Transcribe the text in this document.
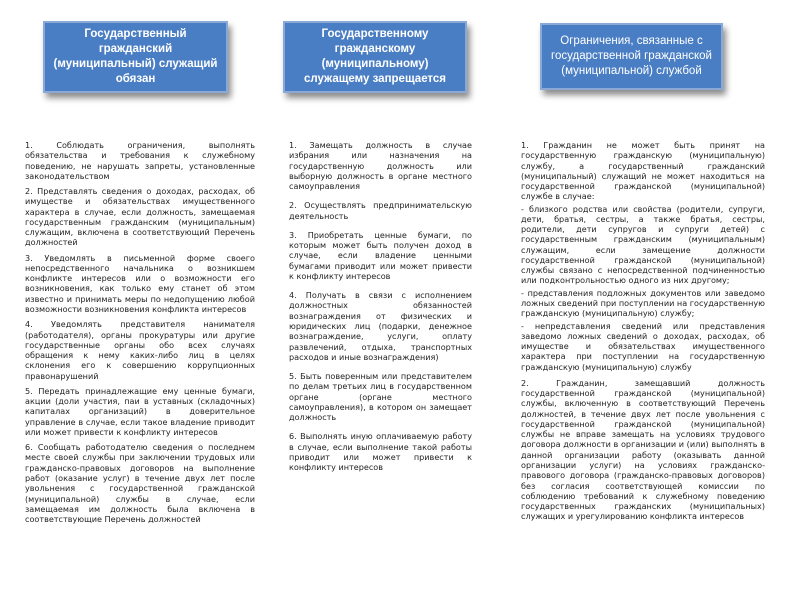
Государственный гражданский (муниципальный) служащий обязан
Государственному гражданскому (муниципальному) служащему запрещается
Ограничения, связанные с государственной гражданской (муниципальной) службой

1. Соблюдать ограничения, выполнять обязательства и требования к служебному поведению, не нарушать запреты, установленные законодательством

2. Представлять сведения о доходах, расходах, об имуществе и обязательствах имущественного характера в случае, если должность, замещаемая государственным гражданским (муниципальным) служащим, включена в соответствующий Перечень должностей

3. Уведомлять в письменной форме своего непосредственного начальника о возникшем конфликте интересов или о возможности его возникновения, как только ему станет об этом известно и принимать меры по недопущению любой возможности возникновения конфликта интересов

4. Уведомлять представителя нанимателя (работодателя), органы прокуратуры или другие государственные органы обо всех случаях обращения к нему каких-либо лиц в целях склонения его к совершению коррупционных правонарушений

5. Передать принадлежащие ему ценные бумаги, акции (доли участия, паи в уставных (складочных) капиталах организаций) в доверительное управление в случае, если такое владение приводит или может привести к конфликту интересов

6. Сообщать работодателю сведения о последнем месте своей службы при заключении трудовых или гражданско-правовых договоров на выполнение работ (оказание услуг) в течение двух лет после увольнения с государственной гражданской (муниципальной) службы в случае, если замещаемая им должность была включена в соответствующие Перечень должностей

1. Замещать должность в случае избрания или назначения на государственную должность или выборную должность в органе местного самоуправления

2. Осуществлять предпринимательскую деятельность

3. Приобретать ценные бумаги, по которым может быть получен доход в случае, если владение ценными бумагами приводит или может привести к конфликту интересов

4. Получать в связи с исполнением должностных обязанностей вознаграждения от физических и юридических лиц (подарки, денежное вознаграждение, услуги, оплату развлечений, отдыха, транспортных расходов и иные вознаграждения)

5. Быть поверенным или представителем по делам третьих лиц в государственном органе (органе местного самоуправления), в котором он замещает должность

6. Выполнять иную оплачиваемую работу в случае, если выполнение такой работы приводит или может привести к конфликту интересов

1. Гражданин не может быть принят на государственную гражданскую (муниципальную) службу, а государственный гражданский (муниципальный) служащий не может находиться на государственной гражданской (муниципальной) службе в случае:

- близкого родства или свойства (родители, супруги, дети, братья, сестры, а также братья, сестры, родители, дети супругов и супруги детей) с государственным гражданским (муниципальным) служащим, если замещение должности государственной гражданской (муниципальной) службы связано с непосредственной подчиненностью или подконтрольностью одного из них другому;

- представления подложных документов или заведомо ложных сведений при поступлении на государственную гражданскую (муниципальную) службу;

- непредставления сведений или представления заведомо ложных сведений о доходах, расходах, об имуществе и обязательствах имущественного характера при поступлении на государственную гражданскую (муниципальную) службу

2. Гражданин, замещавший должность государственной гражданской (муниципальной) службы, включенную в соответствующий Перечень должностей, в течение двух лет после увольнения с государственной гражданской (муниципальной) службы не вправе замещать на условиях трудового договора должности в организации и (или) выполнять в данной организации работу (оказывать данной организации услуги) на условиях гражданско-правового договора (гражданско-правовых договоров) без согласия соответствующей комиссии по соблюдению требований к служебному поведению государственных гражданских (муниципальных) служащих и урегулированию конфликта интересов
